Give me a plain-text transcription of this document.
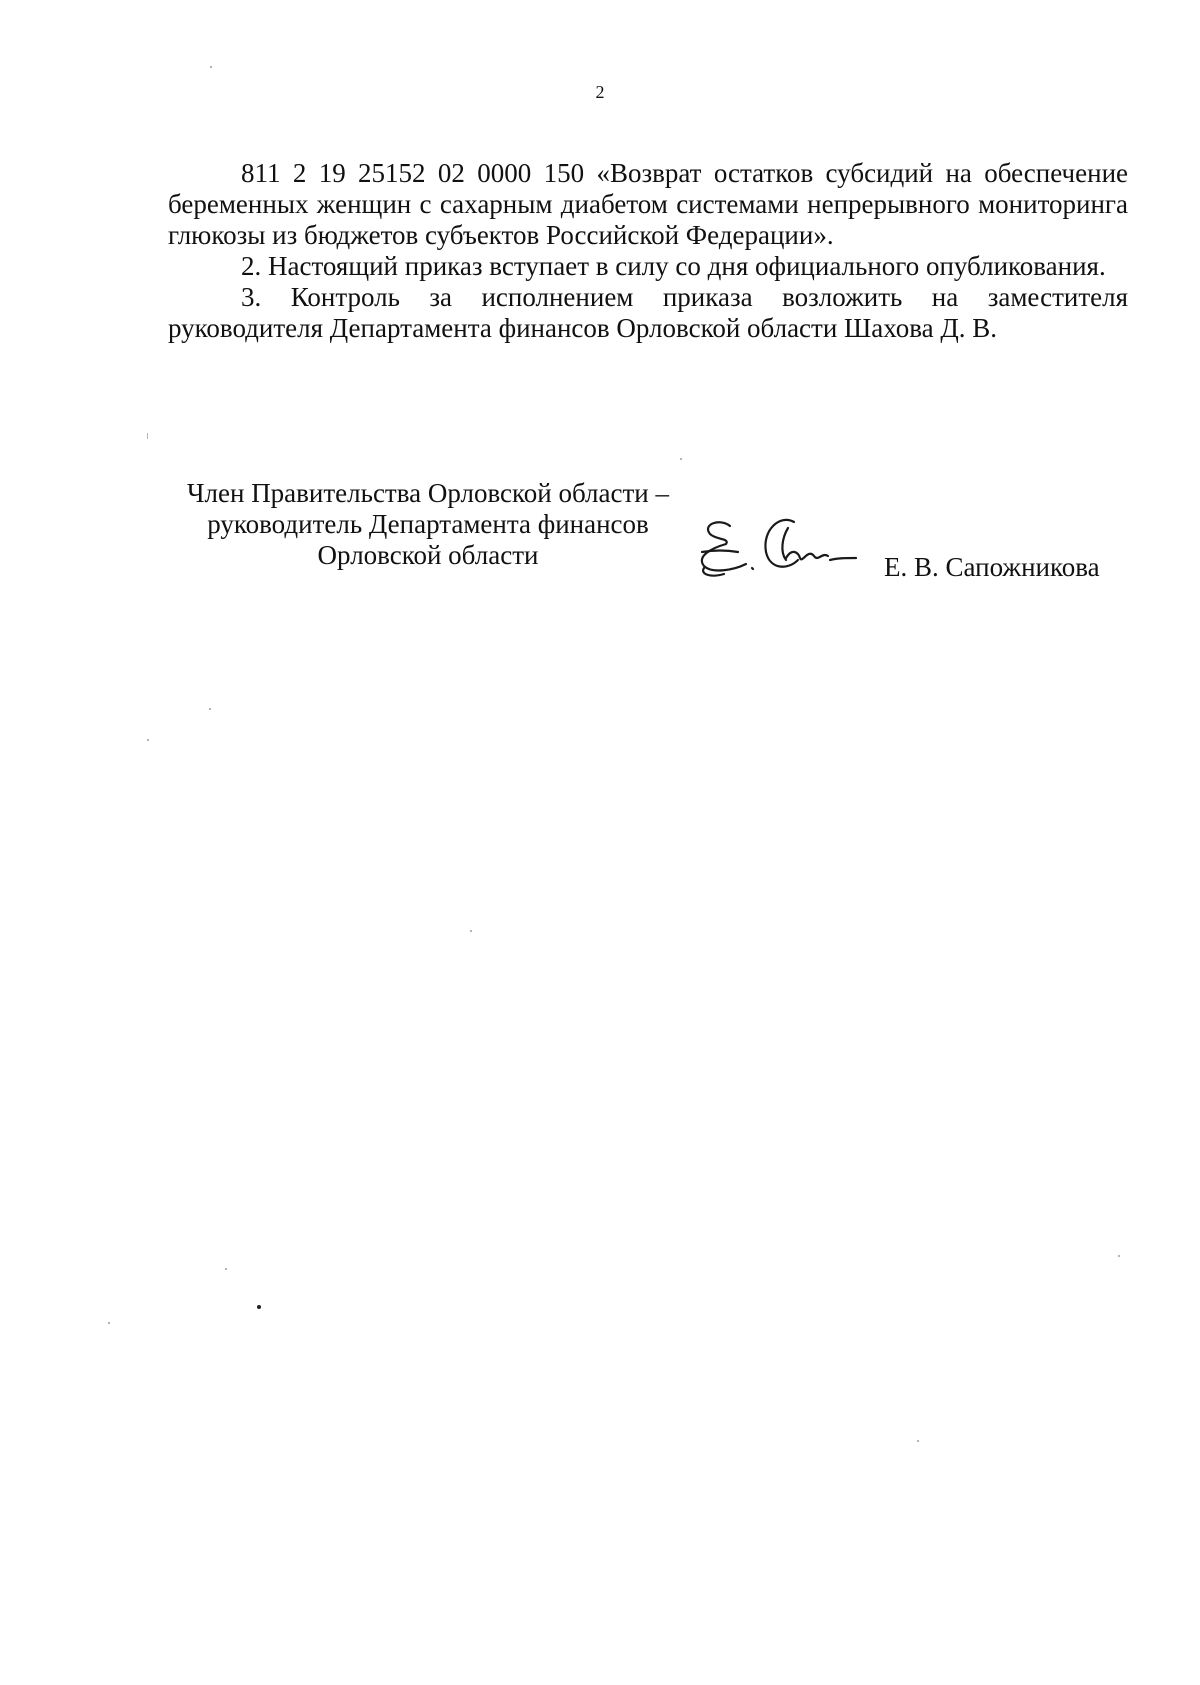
2

811 2 19 25152 02 0000 150 «Возврат остатков субсидий на обеспечение беременных женщин с сахарным диабетом системами непрерывного мониторинга глюкозы из бюджетов субъектов Российской Федерации».

2. Настоящий приказ вступает в силу со дня официального опубликования.

3. Контроль за исполнением приказа возложить на заместителя руководителя Департамента финансов Орловской области Шахова Д. В.

Член Правительства Орловской области –
руководитель Департамента финансов
Орловской области	Е. В. Сапожникова
